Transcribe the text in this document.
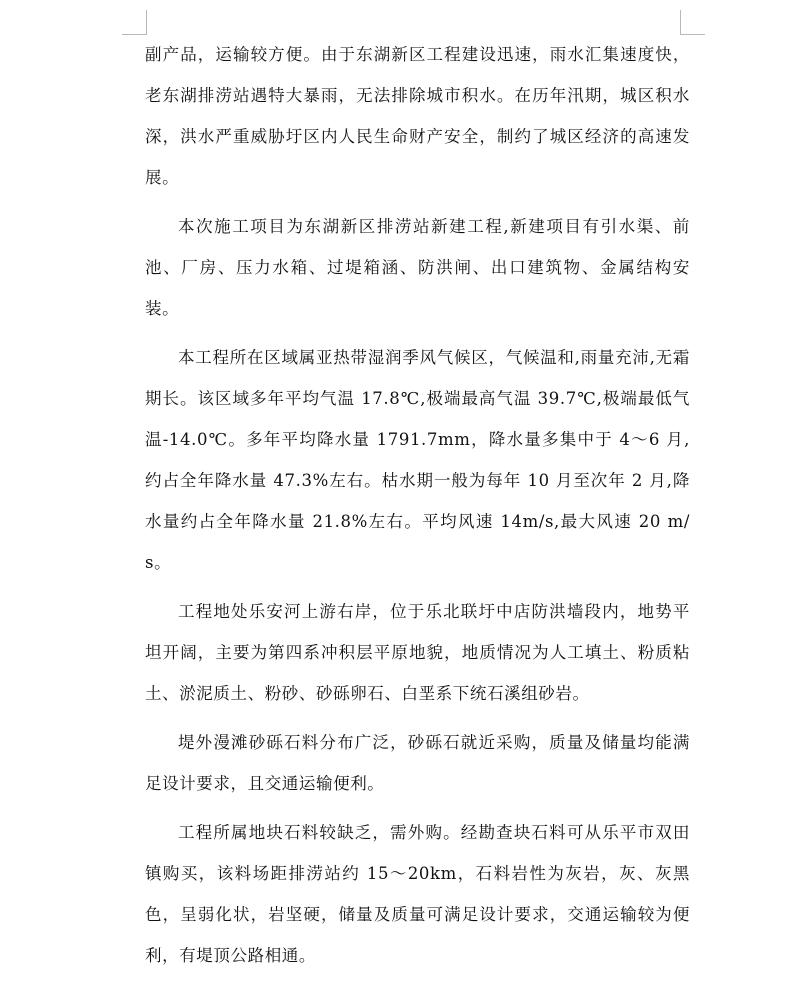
副产品，运输较方便。由于东湖新区工程建设迅速，雨水汇集速度快，老东湖排涝站遇特大暴雨，无法排除城市积水。在历年汛期，城区积水深，洪水严重威胁圩区内人民生命财产安全，制约了城区经济的高速发展。

本次施工项目为东湖新区排涝站新建工程,新建项目有引水渠、前池、厂房、压力水箱、过堤箱涵、防洪闸、出口建筑物、金属结构安装。

本工程所在区域属亚热带湿润季风气候区，气候温和,雨量充沛,无霜期长。该区域多年平均气温 17.8℃,极端最高气温 39.7℃,极端最低气温-14.0℃。多年平均降水量 1791.7mm，降水量多集中于 4～6 月,约占全年降水量 47.3%左右。枯水期一般为每年 10 月至次年 2 月,降水量约占全年降水量 21.8%左右。平均风速 14m/s,最大风速 20 m/s。

工程地处乐安河上游右岸，位于乐北联圩中店防洪墙段内，地势平坦开阔，主要为第四系冲积层平原地貌，地质情况为人工填土、粉质粘土、淤泥质土、粉砂、砂砾卵石、白垩系下统石溪组砂岩。

堤外漫滩砂砾石料分布广泛，砂砾石就近采购，质量及储量均能满足设计要求，且交通运输便利。

工程所属地块石料较缺乏，需外购。经勘查块石料可从乐平市双田镇购买，该料场距排涝站约 15～20km，石料岩性为灰岩，灰、灰黑色，呈弱化状，岩坚硬，储量及质量可满足设计要求，交通运输较为便利，有堤顶公路相通。
